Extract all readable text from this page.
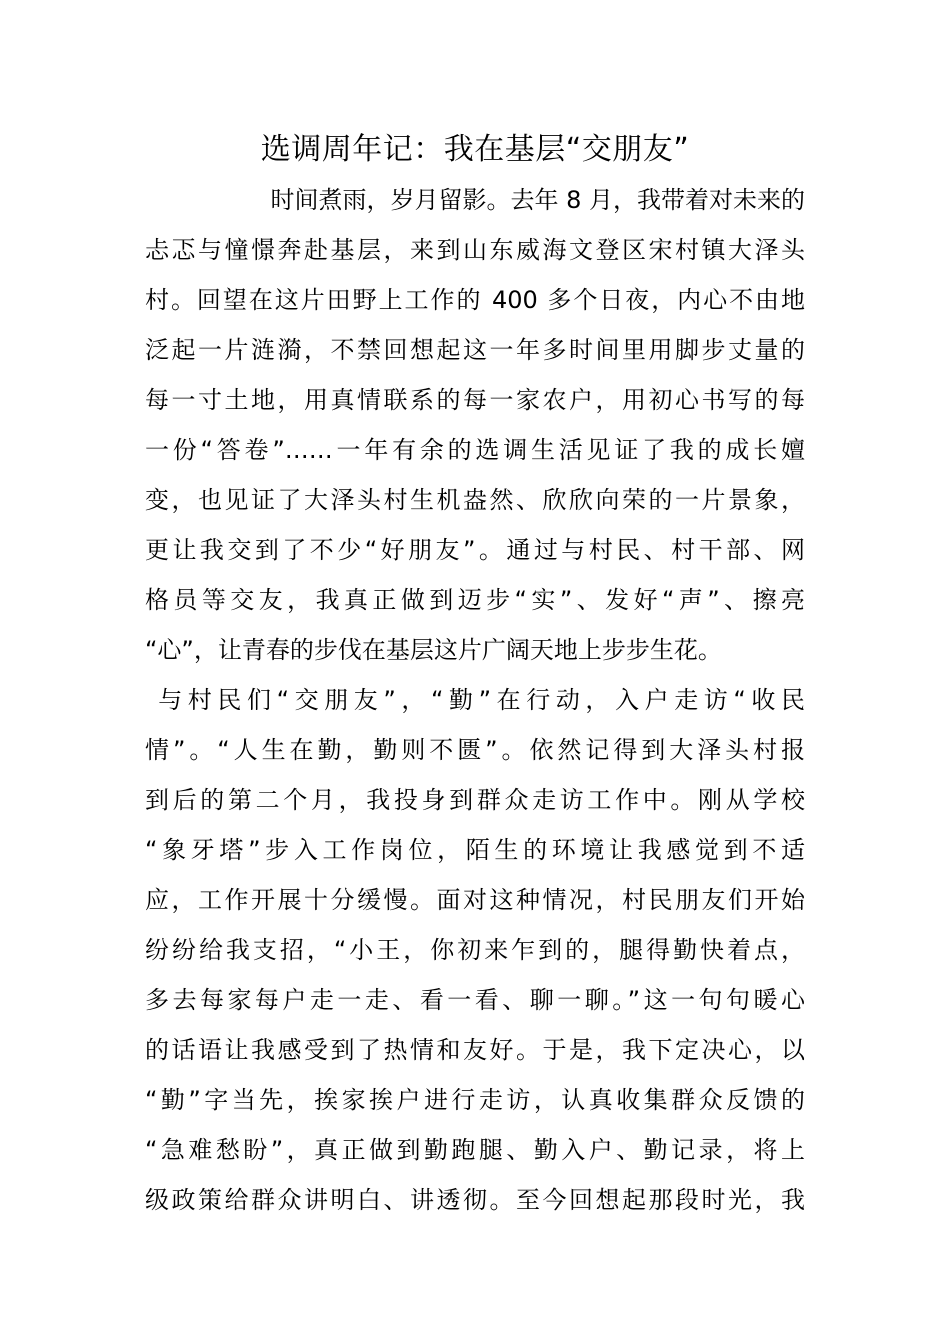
选调周年记：我在基层“交朋友”
时间煮雨，岁月留影。去年 8 月，我带着对未来的
忐忑与憧憬奔赴基层，来到山东威海文登区宋村镇大泽头
村。回望在这片田野上工作的 400 多个日夜，内心不由地
泛起一片涟漪，不禁回想起这一年多时间里用脚步丈量的
每一寸土地，用真情联系的每一家农户，用初心书写的每
一份“答卷”……一年有余的选调生活见证了我的成长嬗
变，也见证了大泽头村生机盎然、欣欣向荣的一片景象，
更让我交到了不少“好朋友”。通过与村民、村干部、网
格员等交友，我真正做到迈步“实”、发好“声”、擦亮
“心”，让青春的步伐在基层这片广阔天地上步步生花。
与村民们“交朋友”，“勤”在行动，入户走访“收民
情”。“人生在勤，勤则不匮”。依然记得到大泽头村报
到后的第二个月，我投身到群众走访工作中。刚从学校
“象牙塔”步入工作岗位，陌生的环境让我感觉到不适
应，工作开展十分缓慢。面对这种情况，村民朋友们开始
纷纷给我支招，“小王，你初来乍到的，腿得勤快着点，
多去每家每户走一走、看一看、聊一聊。”这一句句暖心
的话语让我感受到了热情和友好。于是，我下定决心，以
“勤”字当先，挨家挨户进行走访，认真收集群众反馈的
“急难愁盼”，真正做到勤跑腿、勤入户、勤记录，将上
级政策给群众讲明白、讲透彻。至今回想起那段时光，我
